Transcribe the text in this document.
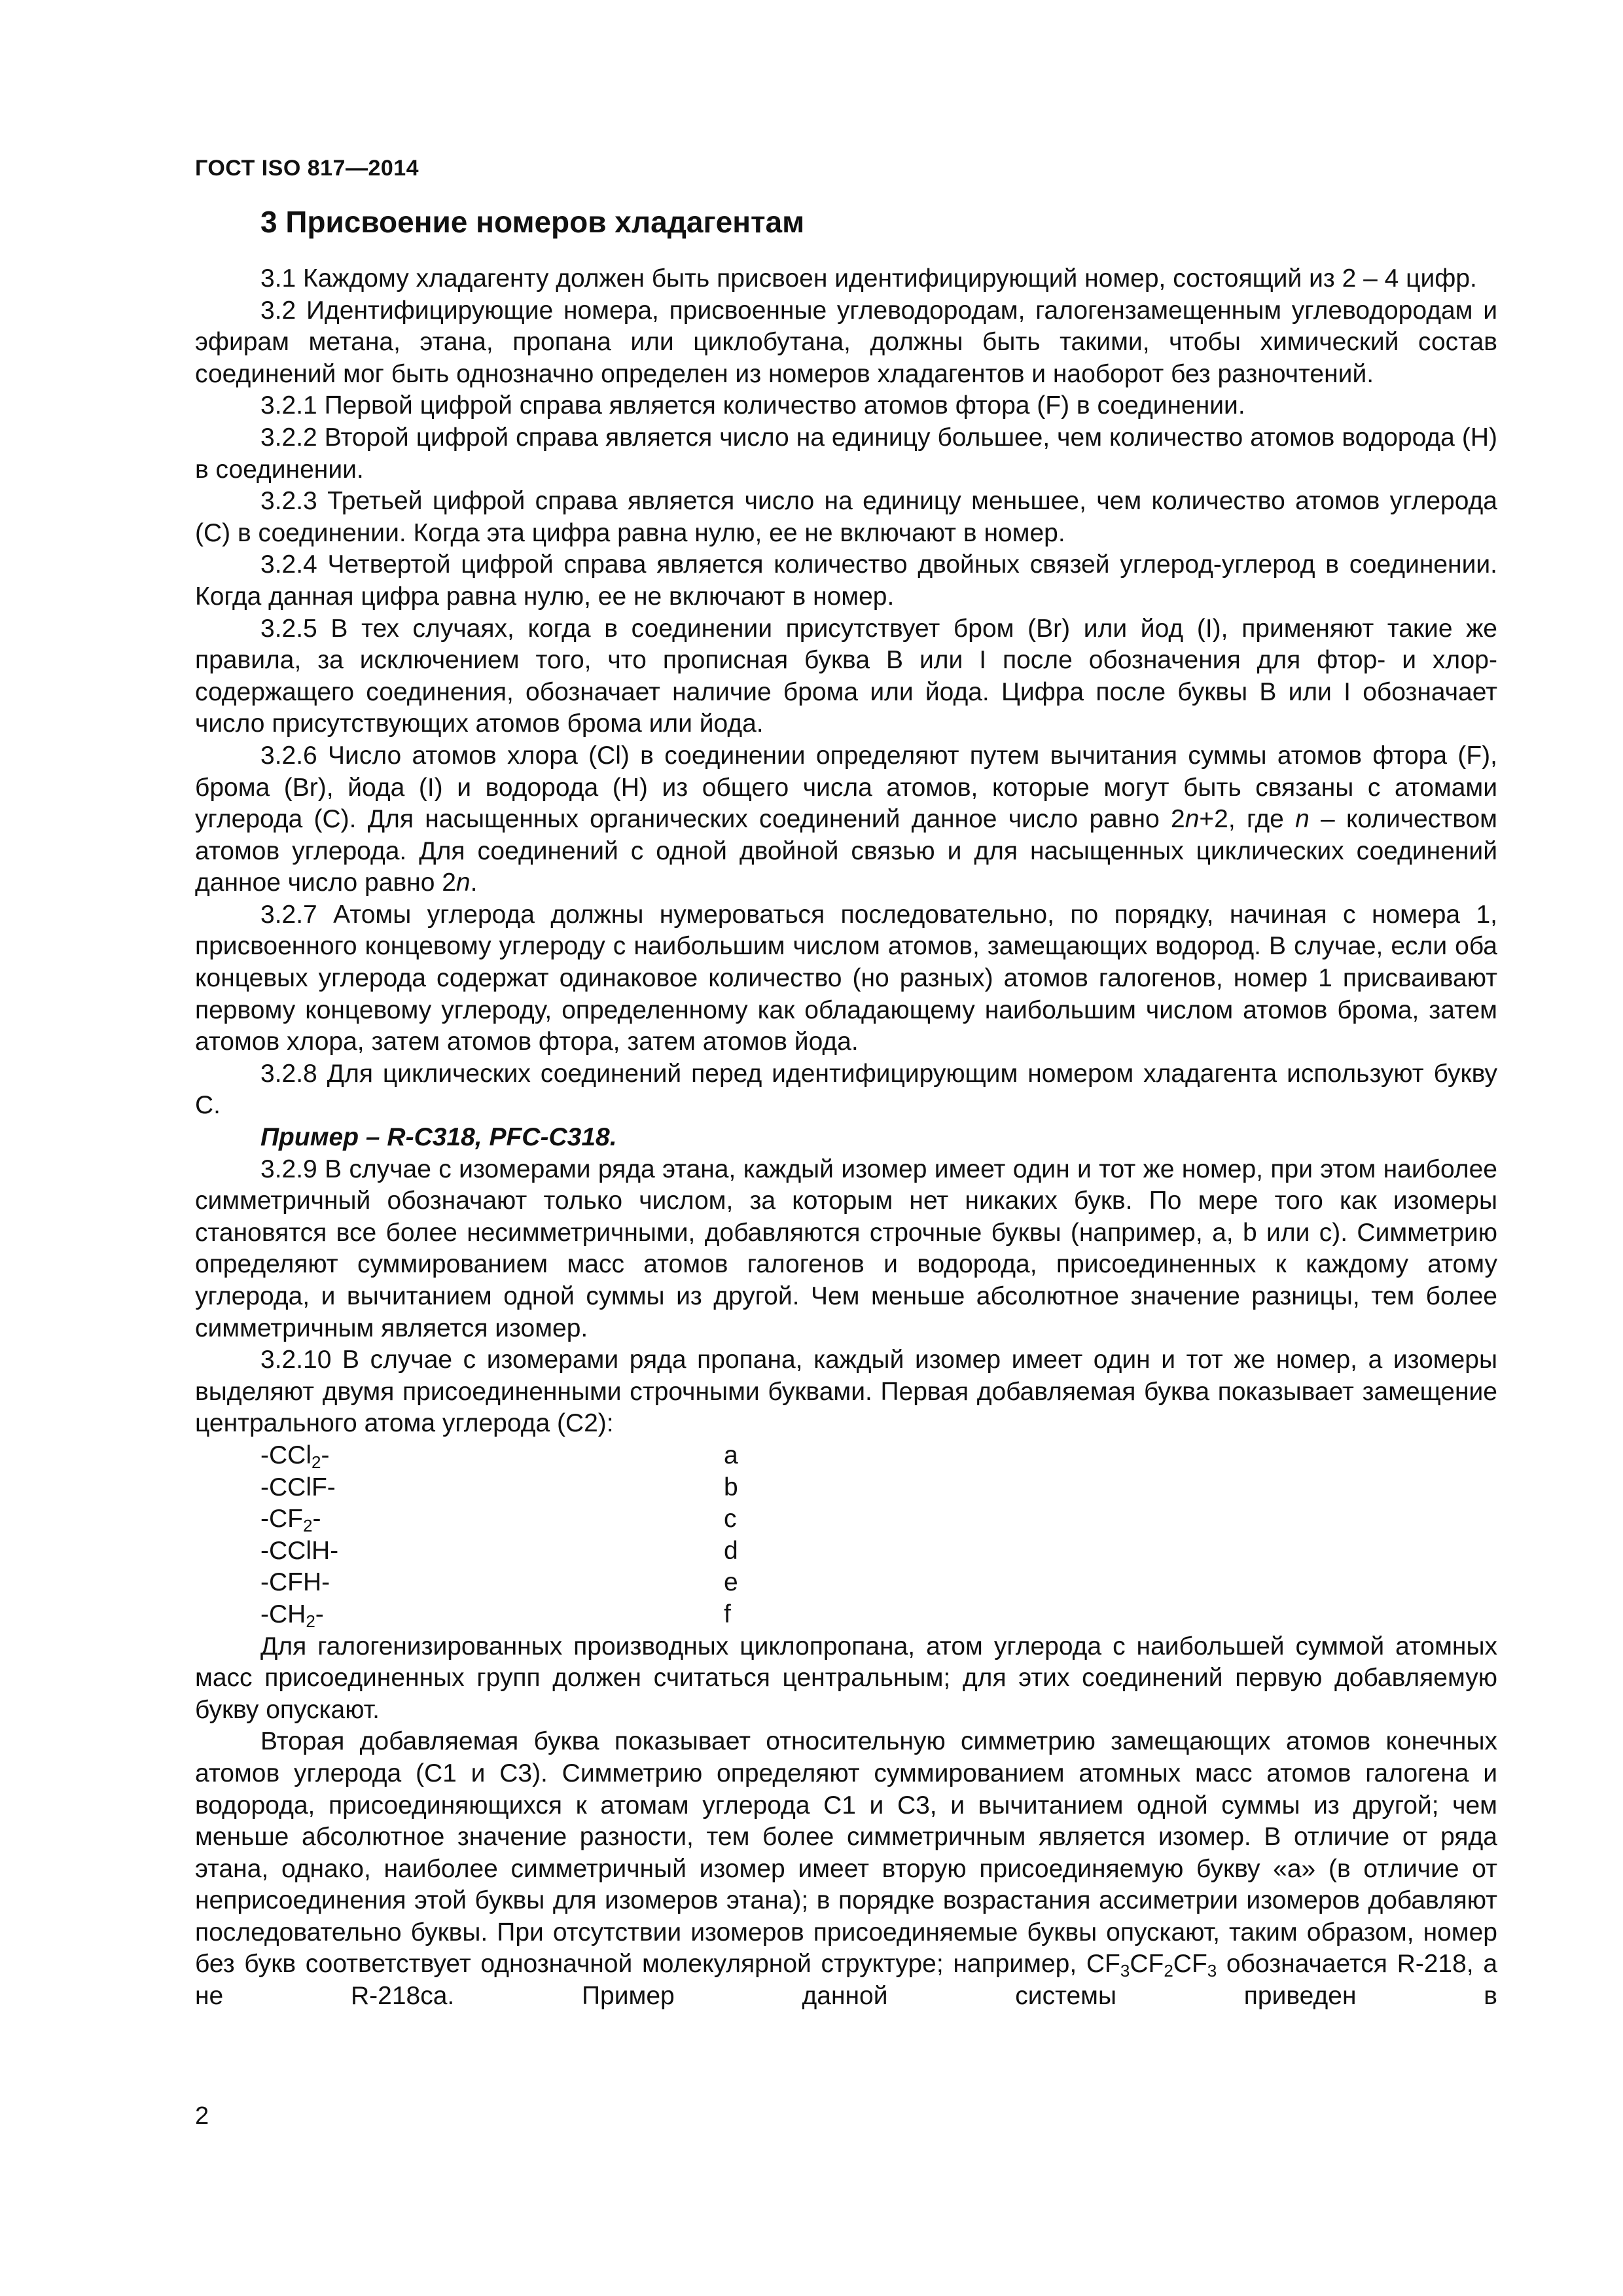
ГОСТ ISO 817—2014
3 Присвоение номеров хладагентам

3.1 Каждому хладагенту должен быть присвоен идентифицирующий номер, состоящий из 2 – 4 цифр.

3.2 Идентифицирующие номера, присвоенные углеводородам, галогензамещенным углеводородам и эфирам метана, этана, пропана или циклобутана, должны быть такими, чтобы химический состав соединений мог быть однозначно определен из номеров хладагентов и наоборот без разночтений.

3.2.1 Первой цифрой справа является количество атомов фтора (F) в соединении.

3.2.2 Второй цифрой справа является число на единицу большее, чем количество атомов водорода (H) в соединении.

3.2.3 Третьей цифрой справа является число на единицу меньшее, чем количество атомов углерода (C) в соединении. Когда эта цифра равна нулю, ее не включают в номер.

3.2.4 Четвертой цифрой справа является количество двойных связей углерод-углерод в соединении. Когда данная цифра равна нулю, ее не включают в номер.

3.2.5 В тех случаях, когда в соединении присутствует бром (Br) или йод (I), применяют такие же правила, за исключением того, что прописная буква В или I после обозначения для фтор- и хлор-содержащего соединения, обозначает наличие брома или йода. Цифра после буквы В или I обозначает число присутствующих атомов брома или йода.

3.2.6 Число атомов хлора (Cl) в соединении определяют путем вычитания суммы атомов фтора (F), брома (Br), йода (I) и водорода (H) из общего числа атомов, которые могут быть связаны с атомами углерода (C). Для насыщенных органических соединений данное число равно 2n+2, где n – количеством атомов углерода. Для соединений с одной двойной связью и для насыщенных циклических соединений данное число равно 2n.

3.2.7 Атомы углерода должны нумероваться последовательно, по порядку, начиная с номера 1, присвоенного концевому углероду с наибольшим числом атомов, замещающих водород. В случае, если оба концевых углерода содержат одинаковое количество (но разных) атомов галогенов, номер 1 присваивают первому концевому углероду, определенному как обладающему наибольшим числом атомов брома, затем атомов хлора, затем атомов фтора, затем атомов йода.

3.2.8 Для циклических соединений перед идентифицирующим номером хладагента используют букву C.

Пример – R-C318, PFC-C318.

3.2.9 В случае с изомерами ряда этана, каждый изомер имеет один и тот же номер, при этом наиболее симметричный обозначают только числом, за которым нет никаких букв. По мере того как изомеры становятся все более несимметричными, добавляются строчные буквы (например, a, b или c). Симметрию определяют суммированием масс атомов галогенов и водорода, присоединенных к каждому атому углерода, и вычитанием одной суммы из другой. Чем меньше абсолютное значение разницы, тем более симметричным является изомер.

3.2.10 В случае с изомерами ряда пропана, каждый изомер имеет один и тот же номер, а изомеры выделяют двумя присоединенными строчными буквами. Первая добавляемая буква показывает замещение центрального атома углерода (C2):

-CCl$_2$-	a
-CClF-	b
$-CF_2-$	c
-CClH-	d
-CFH-	e
$-CH_2-$	f

Для галогенизированных производных циклопропана, атом углерода с наибольшей суммой атомных масс присоединенных групп должен считаться центральным; для этих соединений первую добавляемую букву опускают.

Вторая добавляемая буква показывает относительную симметрию замещающих атомов конечных атомов углерода (C1 и C3). Симметрию определяют суммированием атомных масс атомов галогена и водорода, присоединяющихся к атомам углерода C1 и C3, и вычитанием одной суммы из другой; чем меньше абсолютное значение разности, тем более симметричным является изомер. В отличие от ряда этана, однако, наиболее симметричный изомер имеет вторую присоединяемую букву «a» (в отличие от неприсоединения этой буквы для изомеров этана); в порядке возрастания ассиметрии изомеров добавляют последовательно буквы. При отсутствии изомеров присоединяемые буквы опускают, таким образом, номер без букв соответствует однозначной молекулярной структуре; например, $CF_3CF_2CF_3$ обозначается R-218, а не R-218ca. Пример данной системы приведен в

2
